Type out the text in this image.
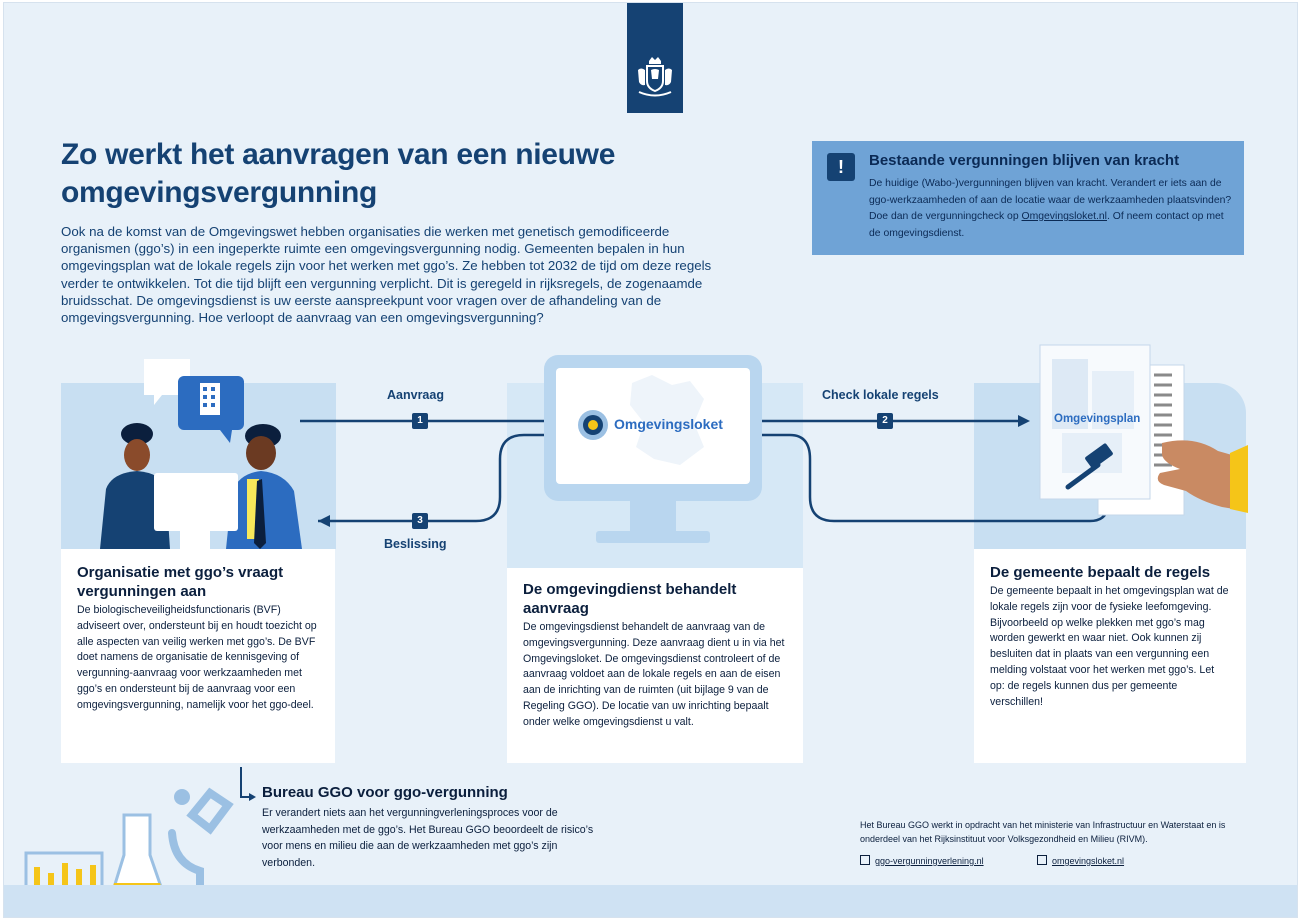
Zo werkt het aanvragen van een nieuwe omgevingsvergunning

Ook na de komst van de Omgevingswet hebben organisaties die werken met genetisch gemodificeerde organismen (ggo’s) in een ingeperkte ruimte een omgevingsvergunning nodig. Gemeenten bepalen in hun omgevingsplan wat de lokale regels zijn voor het werken met ggo’s. Ze hebben tot 2032 de tijd om deze regels verder te ontwikkelen. Tot die tijd blijft een vergunning verplicht. Dit is geregeld in rijksregels, de zogenaamde bruidsschat. De omgevingsdienst is uw eerste aanspreekpunt voor vragen over de afhandeling van de omgevingsvergunning. Hoe verloopt de aanvraag van een omgevingsvergunning?

!	Bestaande vergunningen blijven van kracht

De huidige (Wabo-)vergunningen blijven van kracht. Verandert er iets aan de ggo-werkzaamheden of aan de locatie waar de werkzaamheden plaatsvinden? Doe dan de vergunningcheck op Omgevingsloket.nl. Of neem contact op met de omgevingsdienst.

Aanvraag
1
Check lokale regels
2
3
Beslissing
Omgevingsloket	Omgevingsplan
Organisatie met ggo’s vraagt vergunningen aan

De biologischeveiligheidsfunctionaris (BVF) adviseert over, ondersteunt bij en houdt toezicht op alle aspecten van veilig werken met ggo’s. De BVF doet namens de organisatie de kennisgeving of vergunning-aanvraag voor werkzaamheden met ggo’s en ondersteunt bij de aanvraag voor een omgevingsvergunning, namelijk voor het ggo-deel.

De omgevingdienst behandelt aanvraag

De omgevingsdienst behandelt de aanvraag van de omgevingsvergunning. Deze aanvraag dient u in via het Omgevingsloket. De omgevingsdienst controleert of de aanvraag voldoet aan de lokale regels en aan de eisen aan de inrichting van de ruimten (uit bijlage 9 van de Regeling GGO). De locatie van uw inrichting bepaalt onder welke omgevingsdienst u valt.

De gemeente bepaalt de regels

De gemeente bepaalt in het omgevingsplan wat de lokale regels zijn voor de fysieke leefomgeving. Bijvoorbeeld op welke plekken met ggo’s mag worden gewerkt en waar niet. Ook kunnen zij besluiten dat in plaats van een vergunning een melding volstaat voor het werken met ggo’s. Let op: de regels kunnen dus per gemeente verschillen!

Bureau GGO voor ggo-vergunning

Er verandert niets aan het vergunningverleningsproces voor de werkzaamheden met de ggo’s. Het Bureau GGO beoordeelt de risico’s voor mens en milieu die aan de werkzaamheden met ggo’s zijn verbonden.

Het Bureau GGO werkt in opdracht van het ministerie van Infrastructuur en Waterstaat en is onderdeel van het Rijksinstituut voor Volksgezondheid en Milieu (RIVM).

ggo-vergunningverlening.nl	omgevingsloket.nl
